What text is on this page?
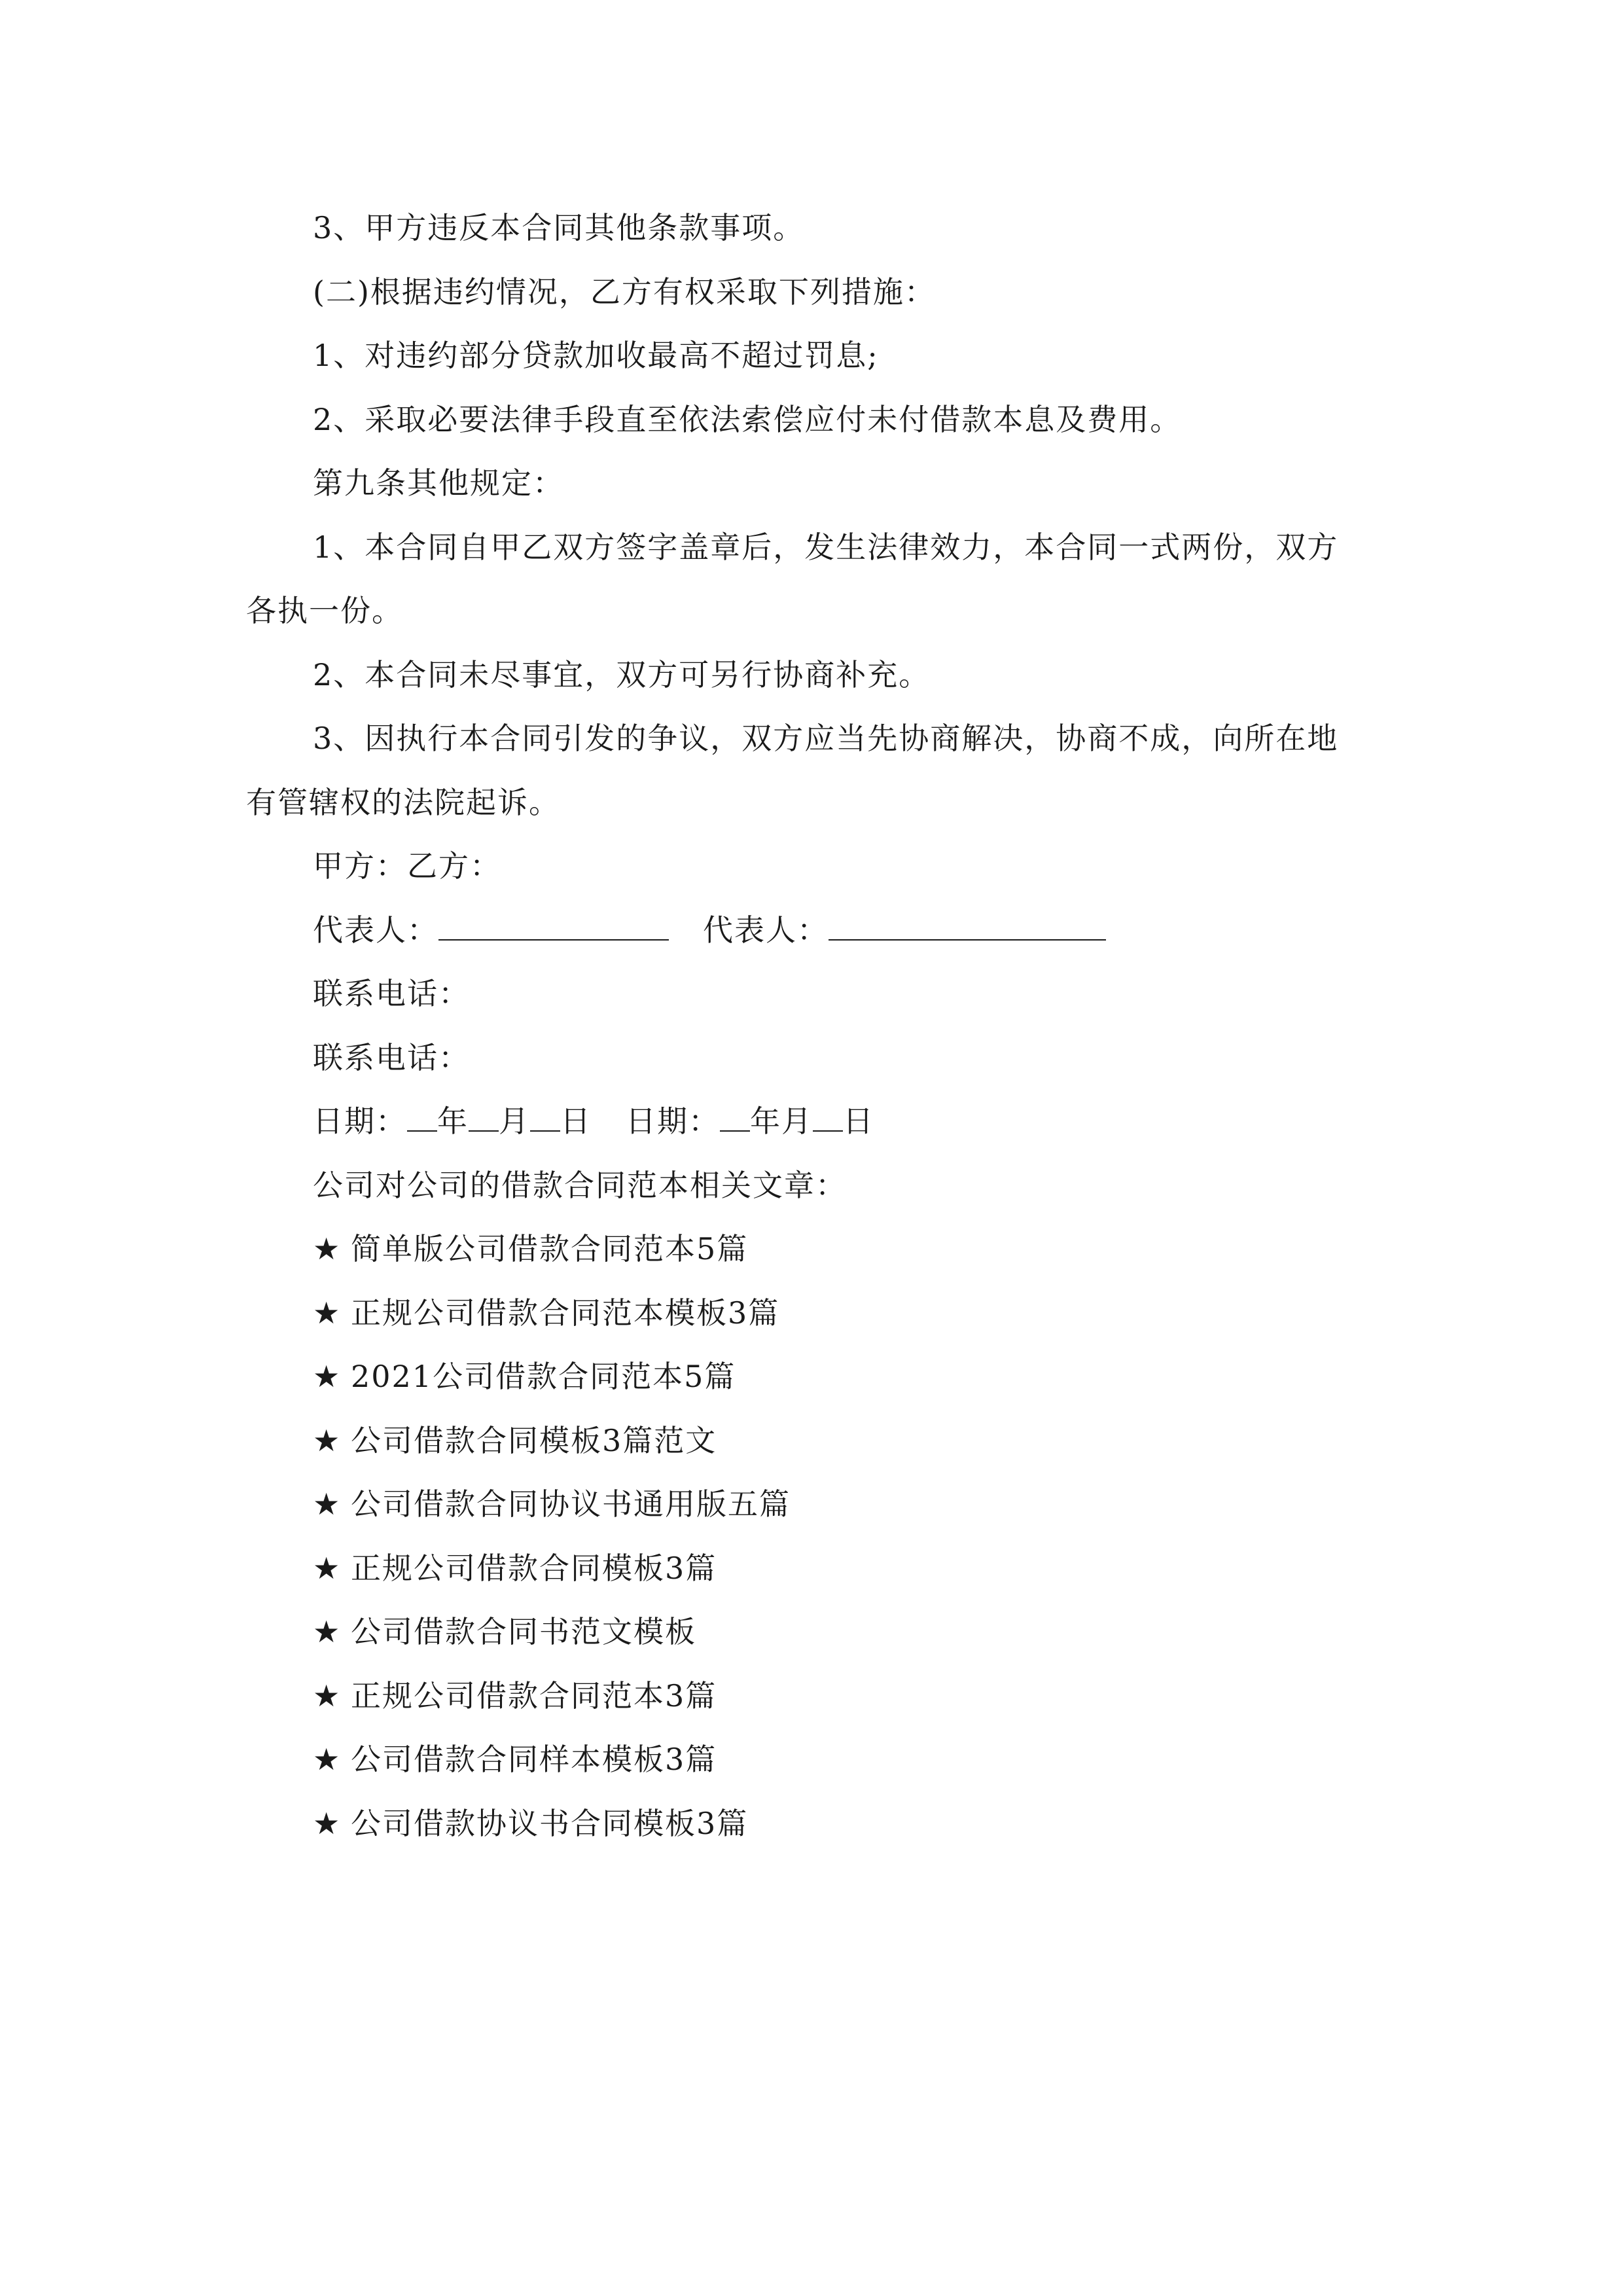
3、甲方违反本合同其他条款事项。
(二)根据违约情况，乙方有权采取下列措施：
1、对违约部分贷款加收最高不超过罚息;
2、采取必要法律手段直至依法索偿应付未付借款本息及费用。
第九条其他规定：
1、本合同自甲乙双方签字盖章后，发生法律效力，本合同一式两份，双方
各执一份。
2、本合同未尽事宜，双方可另行协商补充。
3、因执行本合同引发的争议，双方应当先协商解决，协商不成，向所在地
有管辖权的法院起诉。
甲方：乙方：
代表人：	代表人：
联系电话：
联系电话：
日期： 年 月 日 日期： 年月 日
公司对公司的借款合同范本相关文章：
★ 简单版公司借款合同范本5篇
★ 正规公司借款合同范本模板3篇
★ 2021公司借款合同范本5篇
★ 公司借款合同模板3篇范文
★ 公司借款合同协议书通用版五篇
★ 正规公司借款合同模板3篇
★ 公司借款合同书范文模板
★ 正规公司借款合同范本3篇
★ 公司借款合同样本模板3篇
★ 公司借款协议书合同模板3篇
